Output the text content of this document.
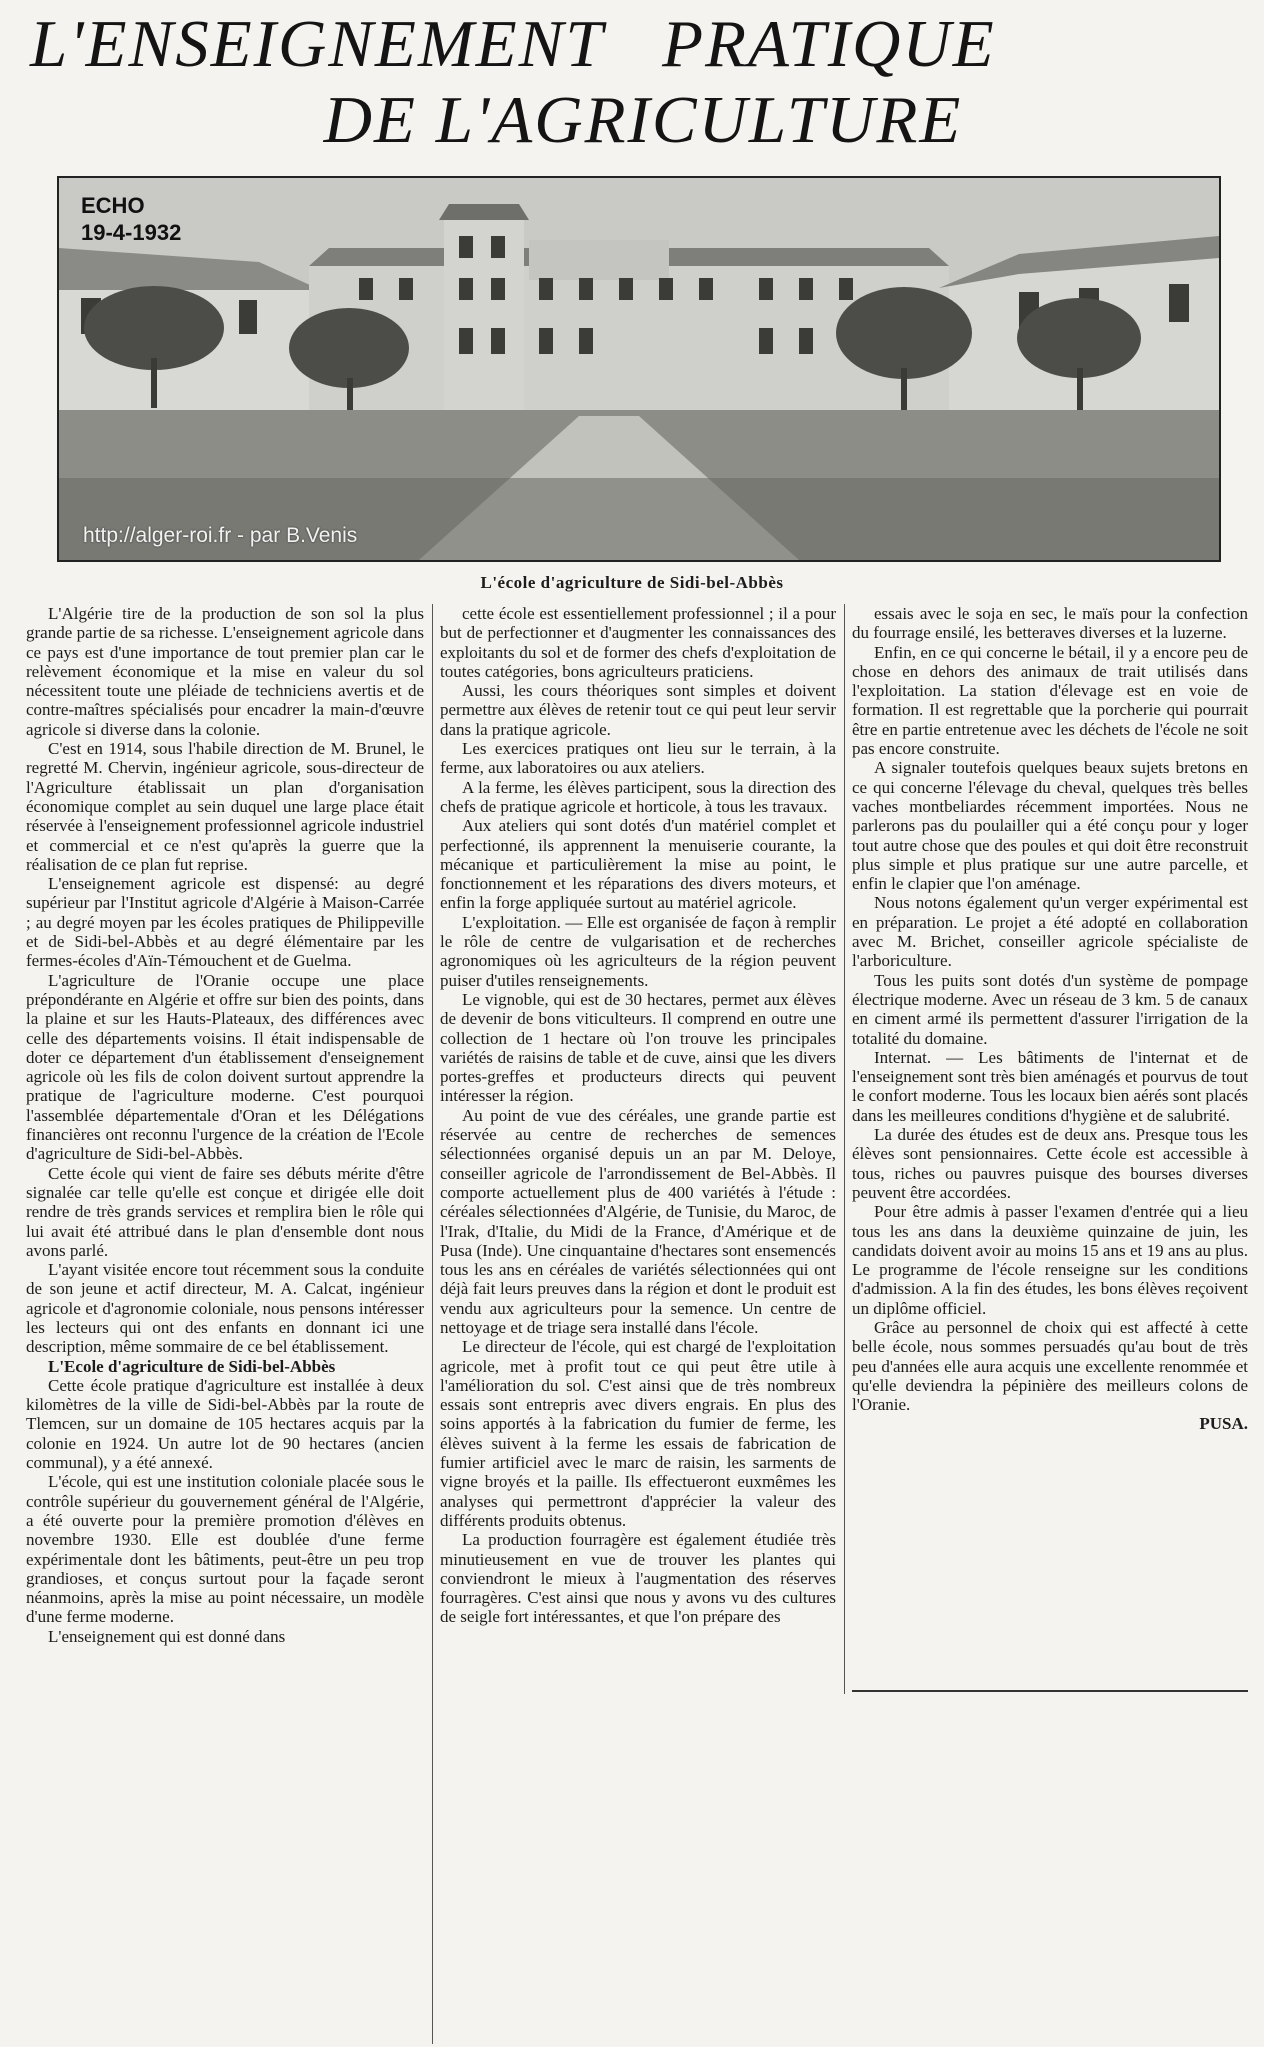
L'ENSEIGNEMENT PRATIQUE
DE L'AGRICULTURE
ECHO
19-4-1932
http://alger-roi.fr - par B.Venis
L'école d'agriculture de Sidi-bel-Abbès

L'Algérie tire de la production de son sol la plus grande partie de sa richesse. L'enseignement agricole dans ce pays est d'une importance de tout premier plan car le relèvement économique et la mise en valeur du sol nécessitent toute une pléiade de techniciens avertis et de contre-maîtres spécialisés pour encadrer la main-d'œuvre agricole si diverse dans la colonie.

C'est en 1914, sous l'habile direction de M. Brunel, le regretté M. Chervin, ingénieur agricole, sous-directeur de l'Agriculture établissait un plan d'organisation économique complet au sein duquel une large place était réservée à l'enseignement professionnel agricole industriel et commercial et ce n'est qu'après la guerre que la réalisation de ce plan fut reprise.

L'enseignement agricole est dispensé: au degré supérieur par l'Institut agricole d'Algérie à Maison-Carrée ; au degré moyen par les écoles pratiques de Philippeville et de Sidi-bel-Abbès et au degré élémentaire par les fermes-écoles d'Aïn-Témouchent et de Guelma.

L'agriculture de l'Oranie occupe une place prépondérante en Algérie et offre sur bien des points, dans la plaine et sur les Hauts-Plateaux, des différences avec celle des départements voisins. Il était indispensable de doter ce département d'un établissement d'enseignement agricole où les fils de colon doivent surtout apprendre la pratique de l'agriculture moderne. C'est pourquoi l'assemblée départementale d'Oran et les Délégations financières ont reconnu l'urgence de la création de l'Ecole d'agriculture de Sidi-bel-Abbès.

Cette école qui vient de faire ses débuts mérite d'être signalée car telle qu'elle est conçue et dirigée elle doit rendre de très grands services et remplira bien le rôle qui lui avait été attribué dans le plan d'ensemble dont nous avons parlé.

L'ayant visitée encore tout récemment sous la conduite de son jeune et actif directeur, M. A. Calcat, ingénieur agricole et d'agronomie coloniale, nous pensons intéresser les lecteurs qui ont des enfants en donnant ici une description, même sommaire de ce bel établissement.

L'Ecole d'agriculture de Sidi-bel-Abbès

Cette école pratique d'agriculture est installée à deux kilomètres de la ville de Sidi-bel-Abbès par la route de Tlemcen, sur un domaine de 105 hectares acquis par la colonie en 1924. Un autre lot de 90 hectares (ancien communal), y a été annexé.

L'école, qui est une institution coloniale placée sous le contrôle supérieur du gouvernement général de l'Algérie, a été ouverte pour la première promotion d'élèves en novembre 1930. Elle est doublée d'une ferme expérimentale dont les bâtiments, peut-être un peu trop grandioses, et conçus surtout pour la façade seront néanmoins, après la mise au point nécessaire, un modèle d'une ferme moderne.

L'enseignement qui est donné dans

cette école est essentiellement professionnel ; il a pour but de perfectionner et d'augmenter les connaissances des exploitants du sol et de former des chefs d'exploitation de toutes catégories, bons agriculteurs praticiens.

Aussi, les cours théoriques sont simples et doivent permettre aux élèves de retenir tout ce qui peut leur servir dans la pratique agricole.

Les exercices pratiques ont lieu sur le terrain, à la ferme, aux laboratoires ou aux ateliers.

A la ferme, les élèves participent, sous la direction des chefs de pratique agricole et horticole, à tous les travaux.

Aux ateliers qui sont dotés d'un matériel complet et perfectionné, ils apprennent la menuiserie courante, la mécanique et particulièrement la mise au point, le fonctionnement et les réparations des divers moteurs, et enfin la forge appliquée surtout au matériel agricole.

L'exploitation. — Elle est organisée de façon à remplir le rôle de centre de vulgarisation et de recherches agronomiques où les agriculteurs de la région peuvent puiser d'utiles renseignements.

Le vignoble, qui est de 30 hectares, permet aux élèves de devenir de bons viticulteurs. Il comprend en outre une collection de 1 hectare où l'on trouve les principales variétés de raisins de table et de cuve, ainsi que les divers portes-greffes et producteurs directs qui peuvent intéresser la région.

Au point de vue des céréales, une grande partie est réservée au centre de recherches de semences sélectionnées organisé depuis un an par M. Deloye, conseiller agricole de l'arrondissement de Bel-Abbès. Il comporte actuellement plus de 400 variétés à l'étude : céréales sélectionnées d'Algérie, de Tunisie, du Maroc, de l'Irak, d'Italie, du Midi de la France, d'Amérique et de Pusa (Inde). Une cinquantaine d'hectares sont ensemencés tous les ans en céréales de variétés sélectionnées qui ont déjà fait leurs preuves dans la région et dont le produit est vendu aux agriculteurs pour la semence. Un centre de nettoyage et de triage sera installé dans l'école.

Le directeur de l'école, qui est chargé de l'exploitation agricole, met à profit tout ce qui peut être utile à l'amélioration du sol. C'est ainsi que de très nombreux essais sont entrepris avec divers engrais. En plus des soins apportés à la fabrication du fumier de ferme, les élèves suivent à la ferme les essais de fabrication de fumier artificiel avec le marc de raisin, les sarments de vigne broyés et la paille. Ils effectueront euxmêmes les analyses qui permettront d'apprécier la valeur des différents produits obtenus.

La production fourragère est également étudiée très minutieusement en vue de trouver les plantes qui conviendront le mieux à l'augmentation des réserves fourragères. C'est ainsi que nous y avons vu des cultures de seigle fort intéressantes, et que l'on prépare des

essais avec le soja en sec, le maïs pour la confection du fourrage ensilé, les betteraves diverses et la luzerne.

Enfin, en ce qui concerne le bétail, il y a encore peu de chose en dehors des animaux de trait utilisés dans l'exploitation. La station d'élevage est en voie de formation. Il est regrettable que la porcherie qui pourrait être en partie entretenue avec les déchets de l'école ne soit pas encore construite.

A signaler toutefois quelques beaux sujets bretons en ce qui concerne l'élevage du cheval, quelques très belles vaches montbeliardes récemment importées. Nous ne parlerons pas du poulailler qui a été conçu pour y loger tout autre chose que des poules et qui doit être reconstruit plus simple et plus pratique sur une autre parcelle, et enfin le clapier que l'on aménage.

Nous notons également qu'un verger expérimental est en préparation. Le projet a été adopté en collaboration avec M. Brichet, conseiller agricole spécialiste de l'arboriculture.

Tous les puits sont dotés d'un système de pompage électrique moderne. Avec un réseau de 3 km. 5 de canaux en ciment armé ils permettent d'assurer l'irrigation de la totalité du domaine.

Internat. — Les bâtiments de l'internat et de l'enseignement sont très bien aménagés et pourvus de tout le confort moderne. Tous les locaux bien aérés sont placés dans les meilleures conditions d'hygiène et de salubrité.

La durée des études est de deux ans. Presque tous les élèves sont pensionnaires. Cette école est accessible à tous, riches ou pauvres puisque des bourses diverses peuvent être accordées.

Pour être admis à passer l'examen d'entrée qui a lieu tous les ans dans la deuxième quinzaine de juin, les candidats doivent avoir au moins 15 ans et 19 ans au plus. Le programme de l'école renseigne sur les conditions d'admission. A la fin des études, les bons élèves reçoivent un diplôme officiel.

Grâce au personnel de choix qui est affecté à cette belle école, nous sommes persuadés qu'au bout de très peu d'années elle aura acquis une excellente renommée et qu'elle deviendra la pépinière des meilleurs colons de l'Oranie.

PUSA.
